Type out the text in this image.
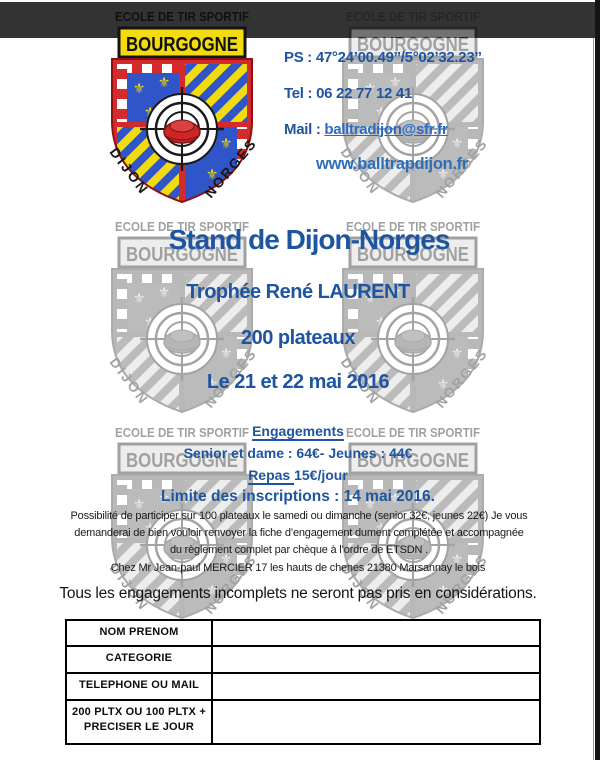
PS : 47°24’00.49’’/5°02’32.23’’
Tel : 06 22 77 12 41
Mail : balltradijon@sfr.fr
www.balltrapdijon.fr
Stand de Dijon-Norges
Trophée René LAURENT
200 plateaux
Le 21 et 22 mai 2016
Engagements
Senior et dame : 64€- Jeunes : 44€
Repas 15€/jour
Limite des inscriptions : 14 mai 2016.
Possibilité de participer sur 100 plateaux le samedi ou dimanche (senior 32€, jeunes 22€) Je vous demanderai de bien vouloir renvoyer la fiche d’engagement dument complétée et accompagnée du règlement complet par chèque à l’ordre de ETSDN .
Chez Mr Jean-paul MERCIER 17 les hauts de chenes 21380 Marsannay le bois
Tous les engagements incomplets ne seront pas pris en considérations.
NOM PRENOM	
CATEGORIE	
TELEPHONE OU MAIL	
200 PLTX OU 100 PLTX +
PRECISER LE JOUR	
